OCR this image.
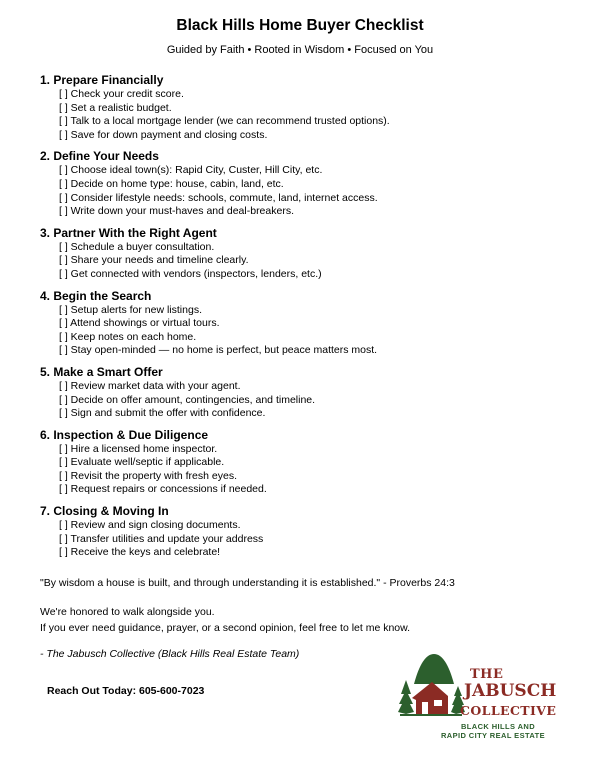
Black Hills Home Buyer Checklist
Guided by Faith • Rooted in Wisdom • Focused on You
1. Prepare Financially
[ ] Check your credit score.
[ ] Set a realistic budget.
[ ] Talk to a local mortgage lender (we can recommend trusted options).
[ ] Save for down payment and closing costs.
2. Define Your Needs
[ ] Choose ideal town(s): Rapid City, Custer, Hill City, etc.
[ ] Decide on home type: house, cabin, land, etc.
[ ] Consider lifestyle needs: schools, commute, land, internet access.
[ ] Write down your must-haves and deal-breakers.
3. Partner With the Right Agent
[ ] Schedule a buyer consultation.
[ ] Share your needs and timeline clearly.
[ ] Get connected with vendors (inspectors, lenders, etc.)
4. Begin the Search
[ ] Setup alerts for new listings.
[ ] Attend showings or virtual tours.
[ ] Keep notes on each home.
[ ] Stay open-minded — no home is perfect, but peace matters most.
5. Make a Smart Offer
[ ] Review market data with your agent.
[ ] Decide on offer amount, contingencies, and timeline.
[ ] Sign and submit the offer with confidence.
6. Inspection & Due Diligence
[ ] Hire a licensed home inspector.
[ ] Evaluate well/septic if applicable.
[ ] Revisit the property with fresh eyes.
[ ] Request repairs or concessions if needed.
7. Closing & Moving In
[ ] Review and sign closing documents.
[ ] Transfer utilities and update your address
[ ] Receive the keys and celebrate!
"By wisdom a house is built, and through understanding it is established." - Proverbs 24:3
We're honored to walk alongside you.
If you ever need guidance, prayer, or a second opinion, feel free to let me know.
- The Jabusch Collective (Black Hills Real Estate Team)
Reach Out Today: 605-600-7023
THE
JABUSCH
COLLECTIVE
BLACK HILLS AND
RAPID CITY REAL ESTATE
